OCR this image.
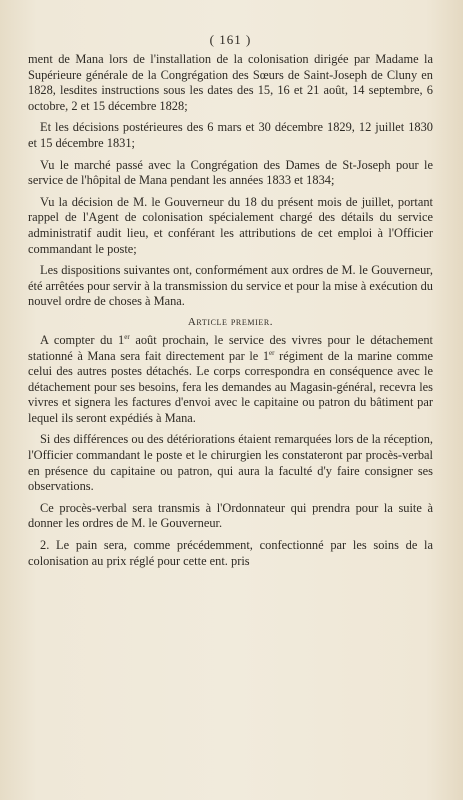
( 161 )

ment de Mana lors de l'installation de la colonisation dirigée par Madame la Supérieure générale de la Congrégation des Sœurs de Saint-Joseph de Cluny en 1828, lesdites instructions sous les dates des 15, 16 et 21 août, 14 septembre, 6 octobre, 2 et 15 décembre 1828;

Et les décisions postérieures des 6 mars et 30 décembre 1829, 12 juillet 1830 et 15 décembre 1831;

Vu le marché passé avec la Congrégation des Dames de St-Joseph pour le service de l'hôpital de Mana pendant les années 1833 et 1834;

Vu la décision de M. le Gouverneur du 18 du présent mois de juillet, portant rappel de l'Agent de colonisation spécialement chargé des détails du service administratif audit lieu, et conférant les attributions de cet emploi à l'Officier commandant le poste;

Les dispositions suivantes ont, conformément aux ordres de M. le Gouverneur, été arrêtées pour servir à la transmission du service et pour la mise à exécution du nouvel ordre de choses à Mana.

Article premier.

A compter du 1er août prochain, le service des vivres pour le détachement stationné à Mana sera fait directement par le 1er régiment de la marine comme celui des autres postes détachés. Le corps correspondra en conséquence avec le détachement pour ses besoins, fera les demandes au Magasin-général, recevra les vivres et signera les factures d'envoi avec le capitaine ou patron du bâtiment par lequel ils seront expédiés à Mana.

Si des différences ou des détériorations étaient remarquées lors de la réception, l'Officier commandant le poste et le chirurgien les constateront par procès-verbal en présence du capitaine ou patron, qui aura la faculté d'y faire consigner ses observations.

Ce procès-verbal sera transmis à l'Ordonnateur qui prendra pour la suite à donner les ordres de M. le Gouverneur.

2. Le pain sera, comme précédemment, confectionné par les soins de la colonisation au prix réglé pour cette ent. pris
